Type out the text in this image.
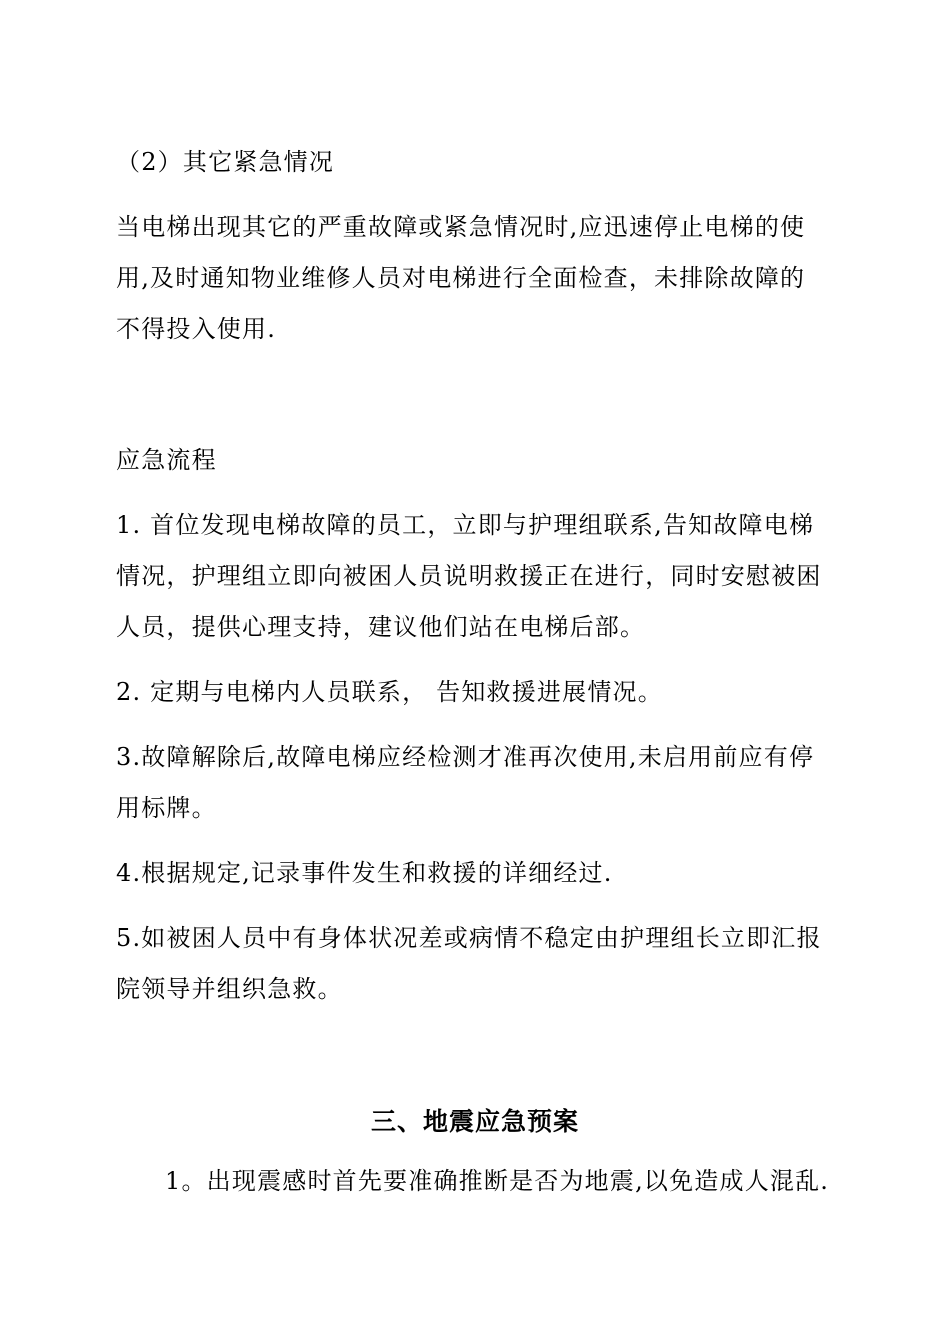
（2）其它紧急情况
当电梯出现其它的严重故障或紧急情况时,应迅速停止电梯的使
用,及时通知物业维修人员对电梯进行全面检查，未排除故障的
不得投入使用.
应急流程
1. 首位发现电梯故障的员工，立即与护理组联系,告知故障电梯
情况，护理组立即向被困人员说明救援正在进行，同时安慰被困
人员，提供心理支持，建议他们站在电梯后部。
2. 定期与电梯内人员联系， 告知救援进展情况。
3.故障解除后,故障电梯应经检测才准再次使用,未启用前应有停
用标牌。
4.根据规定,记录事件发生和救援的详细经过.
5.如被困人员中有身体状况差或病情不稳定由护理组长立即汇报
院领导并组织急救。
三、地震应急预案
1。出现震感时首先要准确推断是否为地震,以免造成人混乱.
